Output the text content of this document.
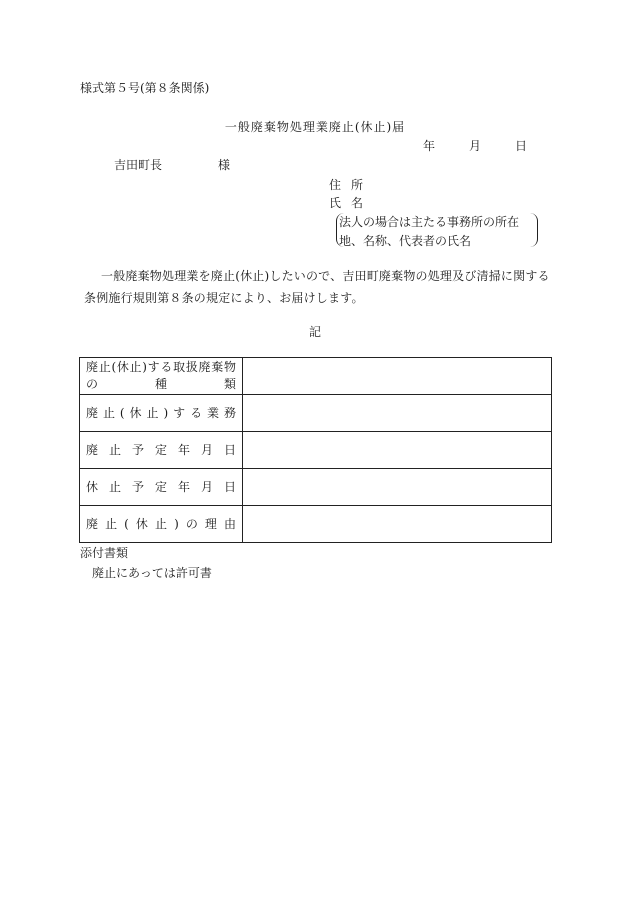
様式第５号(第８条関係)
一般廃棄物処理業廃止(休止)届
年	月	日
吉田町長	様
住所
氏名
法人の場合は主たる事務所の所在地、名称、代表者の氏名
一般廃棄物処理業を廃止(休止)したいので、吉田町廃棄物の処理及び清掃に関する条例施行規則第８条の規定により、お届けします。
記
廃止(休止)する取扱廃棄物の種類	
廃止(休止)する業務	
廃止予定年月日	
休止予定年月日	
廃止(休止)の理由	
添付書類
廃止にあっては許可書
